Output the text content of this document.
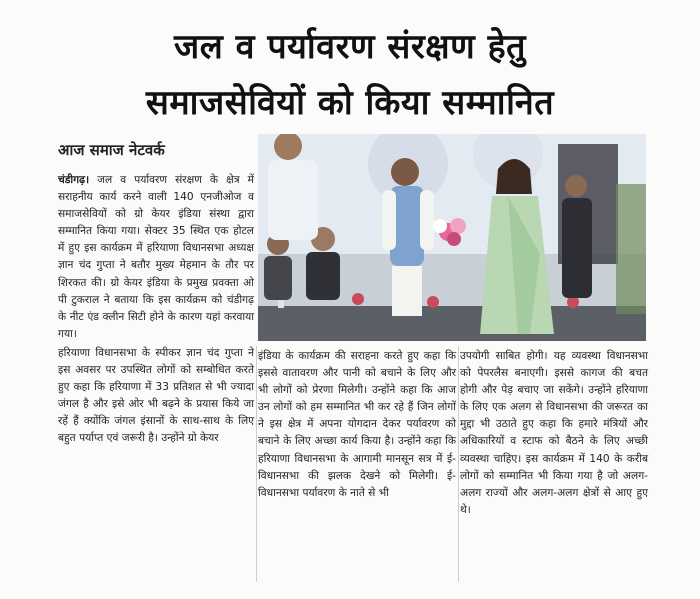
जल व पर्यावरण संरक्षण हेतु
समाजसेवियों को किया सम्मानित
आज समाज नेटवर्क

चंडीगढ़। जल व पर्यावरण संरक्षण के क्षेत्र में सराहनीय कार्य करने वाली 140 एनजीओज व समाजसेवियों को ग्रो केयर इंडिया संस्था द्वारा सम्मानित किया गया। सेक्टर 35 स्थित एक होटल में हुए इस कार्यक्रम में हरियाणा विधानसभा अध्यक्ष ज्ञान चंद गुप्ता ने बतौर मुख्य मेहमान के तौर पर शिरकत की। ग्रो केयर इंडिया के प्रमुख प्रवक्ता ओ पी टुकराल ने बताया कि इस कार्यक्रम को चंडीगढ़ के नीट एंड क्लीन सिटी होने के कारण यहां करवाया गया।

हरियाणा विधानसभा के स्पीकर ज्ञान चंद गुप्ता ने इस अवसर पर उपस्थित लोगों को सम्बोधित करते हुए कहा कि हरियाणा में 33 प्रतिशत से भी ज्यादा जंगल है और इसे ओर भी बढ़ने के प्रयास किये जा रहें हैं क्योंकि जंगल इंसानों के साथ-साथ के लिए बहुत पर्याप्त एवं जरूरी है। उन्होंने ग्रो केयर

इंडिया के कार्यक्रम की सराहना करते हुए कहा कि इससे वातावरण और पानी को बचाने के लिए और भी लोगों को प्रेरणा मिलेगी। उन्होंने कहा कि आज उन लोगों को हम सम्मानित भी कर रहे हैं जिन लोगों ने इस क्षेत्र में अपना योगदान देकर पर्यावरण को बचाने के लिए अच्छा कार्य किया है। उन्होंने कहा कि हरियाणा विधानसभा के आगामी मानसून सत्र में ई-विधानसभा की झलक देखने को मिलेगी। ई-विधानसभा पर्यावरण के नाते से भी

उपयोगी साबित होगी। यह व्यवस्था विधानसभा को पेपरलैस बनाएगी। इससे कागज की बचत होगी और पेड़ बचाए जा सकेंगे। उन्होंने हरियाणा के लिए एक अलग से विधानसभा की जरूरत का मुद्दा भी उठाते हुए कहा कि हमारे मंत्रियों और अधिकारियों व स्टाफ को बैठने के लिए अच्छी व्यवस्था चाहिए। इस कार्यक्रम में 140 के करीब लोगों को सम्मानित भी किया गया है जो अलग-अलग राज्यों और अलग-अलग क्षेत्रों से आए हुए थे।
